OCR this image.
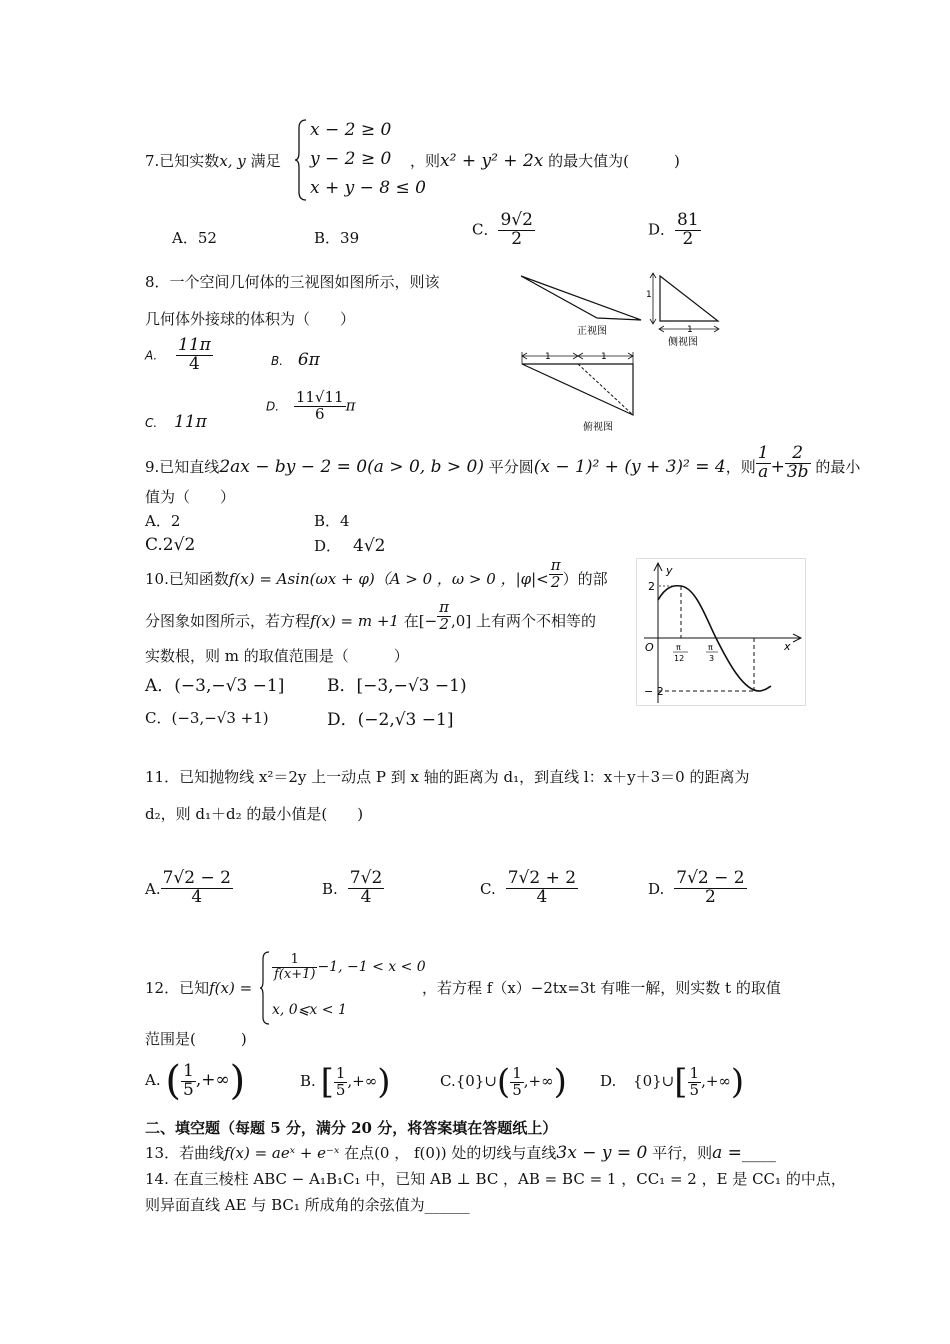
7.已知实数x, y 满足
x − 2 ≥ 0
y − 2 ≥ 0
x + y − 8 ≤ 0
，则x² + y² + 2x 的最大值为(　　　)
A．52	B．39	C． $\frac{9√2}{2}$	D． $\frac{81}{2}$
8．一个空间几何体的三视图如图所示，则该
几何体外接球的体积为（　　）
A. $\frac{11\pi}{4}$	B. 6π
C. 11π
D. $\frac{11√11}{6}$ π
正视图
1
1
侧视图
1	1
俯视图
9.已知直线2ax − by − 2 = 0(a > 0, b > 0) 平分圆(x − 1)² + (y + 3)² = 4，则 $\frac{1}{a} + \frac{2}{3b}$ 的最小
值为（　　）
A．2	B．4
C.2√2	D． 4√2
10.已知函数f(x) = Asin(ωx + φ)（A > 0 ，ω > 0 ，$|\varphi|< \frac{\pi}{2}$ ）的部
分图象如图所示，若方程f(x) = m +1 在[− $\frac{\pi}{2} ,0$] 上有两个不相等的
实数根，则 m 的取值范围是（　　　）
A．(−3,−√3 −1]	B．[−3,−√3 −1)
C．(−3,−√3 +1)	D．(−2,√3 −1]
y
x
O
2
− 2
π
12
π
3
11．已知抛物线 x²＝2y 上一动点 P 到 x 轴的距离为 d₁，到直线 l：x＋y＋3＝0 的距离为
d₂，则 d₁＋d₂ 的最小值是(　　)
A. $\frac{7√2 - 2}{4}$	B. $\frac{7√2}{4}$	C. $\frac{7√2 + 2}{4}$	D. $\frac{7√2 - 2}{2}$
12．已知f(x) =
$\frac{1}{f(x+1)} -1$, −1 < x < 0
x, 0⩽x < 1
，若方程 f（x）−2tx=3t 有唯一解，则实数 t 的取值
范围是(　　　)
A. ( $\frac{1}{5}$ ,+∞)	B. [ $\frac{1}{5}$ ,+∞)	C.{0}∪( $\frac{1}{5}$ ,+∞) D. {0}∪[ $\frac{1}{5}$ ,+∞)
二、填空题（每题 5 分，满分 20 分，将答案填在答题纸上）
13．若曲线f(x) = aeˣ + e⁻ˣ 在点(0 ， f(0)) 处的切线与直线3x − y = 0 平行，则a =____
14. 在直三棱柱 ABC − A₁B₁C₁ 中，已知 AB ⊥ BC ，AB = BC = 1 ，CC₁ = 2 ，E 是 CC₁ 的中点，
则异面直线 AE 与 BC₁ 所成角的余弦值为______
